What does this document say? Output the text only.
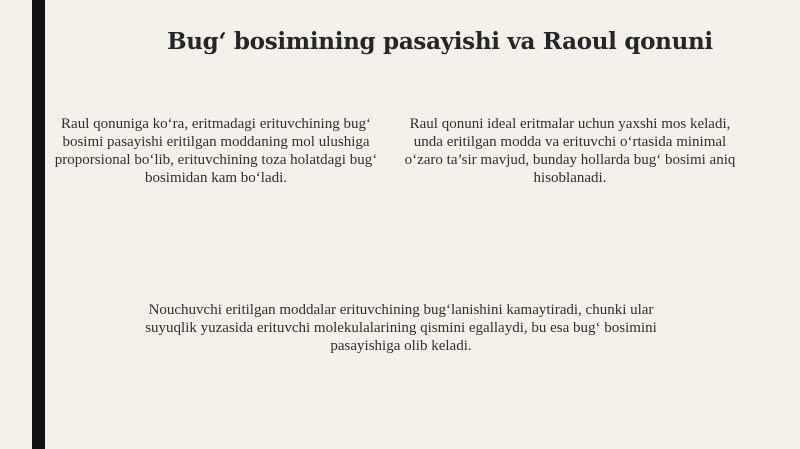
Bug‘ bosimining pasayishi va Raoul qonuni

Raul qonuniga ko‘ra, eritmadagi erituvchining bug‘ bosimi pasayishi eritilgan moddaning mol ulushiga proporsional bo‘lib, erituvchining toza holatdagi bug‘ bosimidan kam bo‘ladi.

Raul qonuni ideal eritmalar uchun yaxshi mos keladi, unda eritilgan modda va erituvchi o‘rtasida minimal o‘zaro ta’sir mavjud, bunday hollarda bug‘ bosimi aniq hisoblanadi.

Nouchuvchi eritilgan moddalar erituvchining bug‘lanishini kamaytiradi, chunki ular suyuqlik yuzasida erituvchi molekulalarining qismini egallaydi, bu esa bug‘ bosimini pasayishiga olib keladi.
